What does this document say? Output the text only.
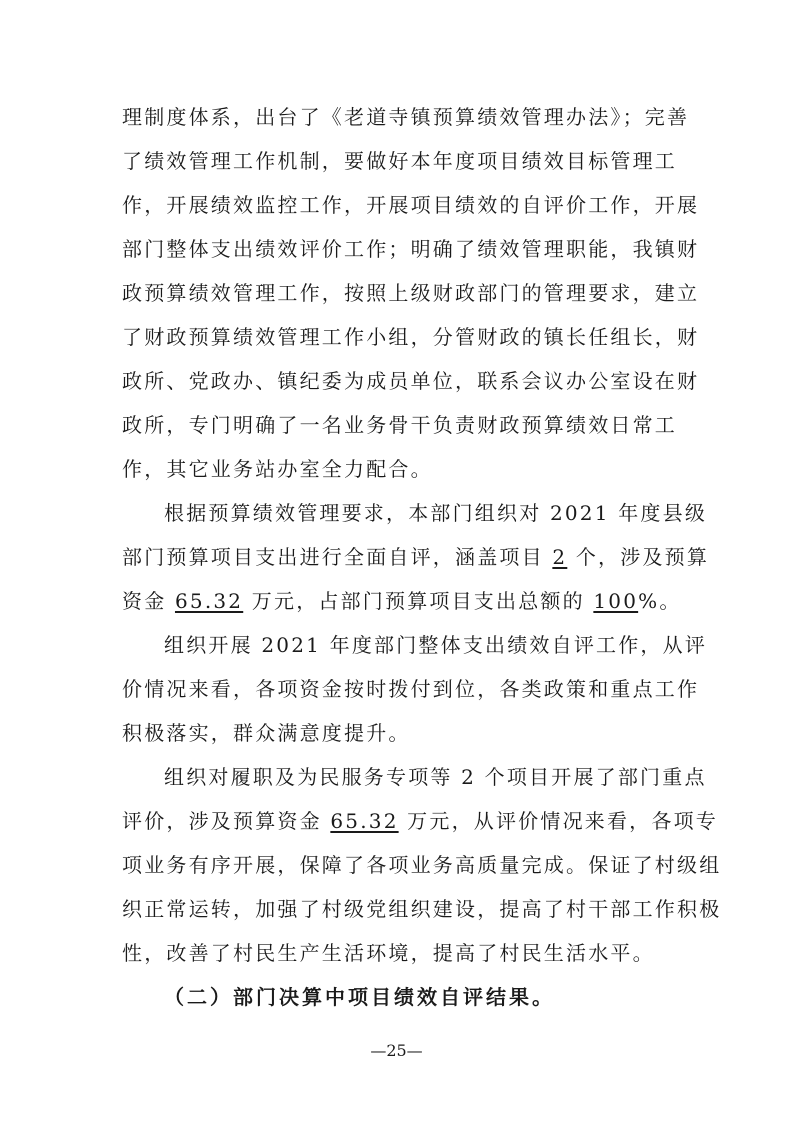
理制度体系，出台了《老道寺镇预算绩效管理办法》；完善
了绩效管理工作机制，要做好本年度项目绩效目标管理工
作，开展绩效监控工作，开展项目绩效的自评价工作，开展
部门整体支出绩效评价工作；明确了绩效管理职能，我镇财
政预算绩效管理工作，按照上级财政部门的管理要求，建立
了财政预算绩效管理工作小组，分管财政的镇长任组长，财
政所、党政办、镇纪委为成员单位，联系会议办公室设在财
政所，专门明确了一名业务骨干负责财政预算绩效日常工
作，其它业务站办室全力配合。
根据预算绩效管理要求，本部门组织对 2021 年度县级
部门预算项目支出进行全面自评，涵盖项目 2 个，涉及预算
资金 65.32 万元，占部门预算项目支出总额的 100%。
组织开展 2021 年度部门整体支出绩效自评工作，从评
价情况来看，各项资金按时拨付到位，各类政策和重点工作
积极落实，群众满意度提升。
组织对履职及为民服务专项等 2 个项目开展了部门重点
评价，涉及预算资金 65.32 万元，从评价情况来看，各项专
项业务有序开展，保障了各项业务高质量完成。保证了村级组
织正常运转，加强了村级党组织建设，提高了村干部工作积极
性，改善了村民生产生活环境，提高了村民生活水平。
（二）部门决算中项目绩效自评结果。
—25—
